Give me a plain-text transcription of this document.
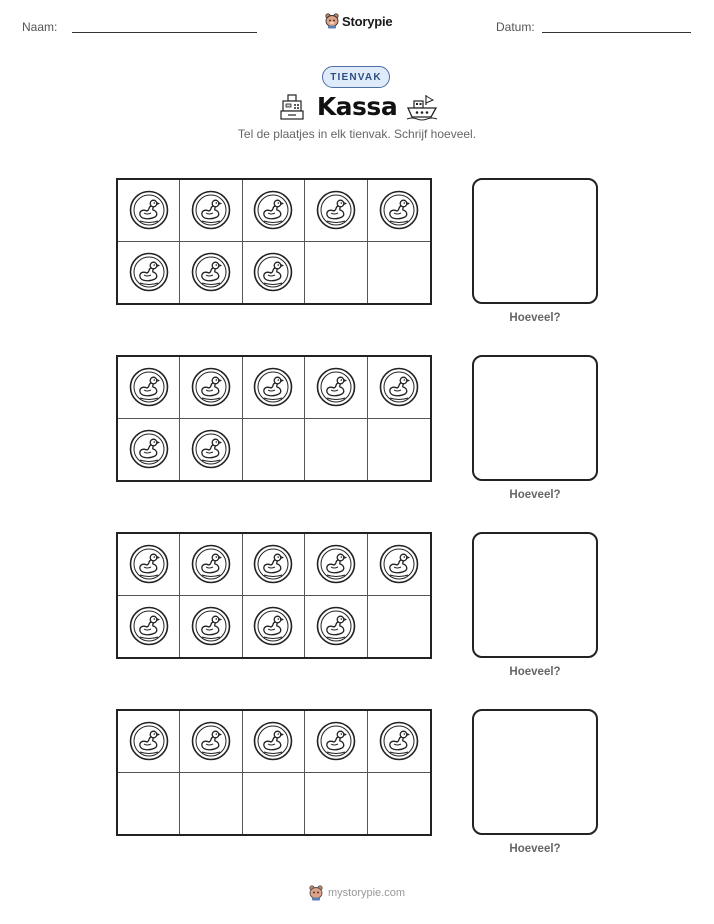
Naam:	Storypie	Datum:
TIENVAK
Kassa
Tel de plaatjes in elk tienvak. Schrijf hoeveel.
Hoeveel?
Hoeveel?
Hoeveel?
Hoeveel?
mystorypie.com
